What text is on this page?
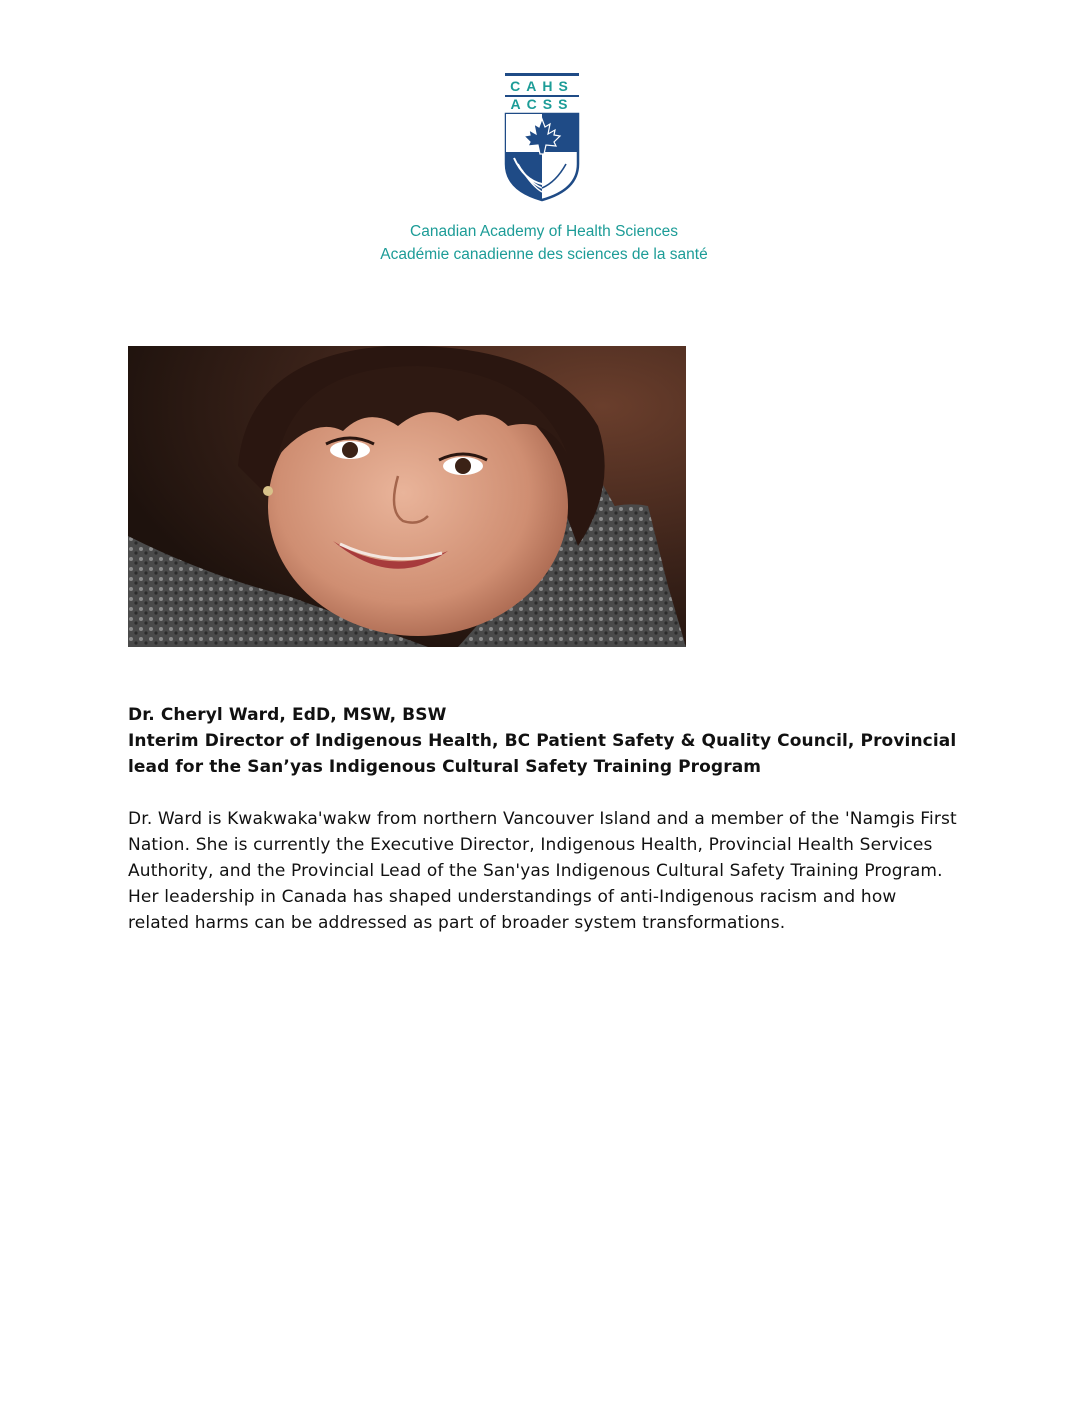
CAHS
ACSS
Canadian Academy of Health Sciences
Académie canadienne des sciences de la santé

Dr. Cheryl Ward, EdD, MSW, BSW

Interim Director of Indigenous Health, BC Patient Safety & Quality Council, Provincial lead for the San’yas Indigenous Cultural Safety Training Program

Dr. Ward is Kwakwaka'wakw from northern Vancouver Island and a member of the 'Namgis First Nation. She is currently the Executive Director, Indigenous Health, Provincial Health Services Authority, and the Provincial Lead of the San'yas Indigenous Cultural Safety Training Program. Her leadership in Canada has shaped understandings of anti-Indigenous racism and how related harms can be addressed as part of broader system transformations.
